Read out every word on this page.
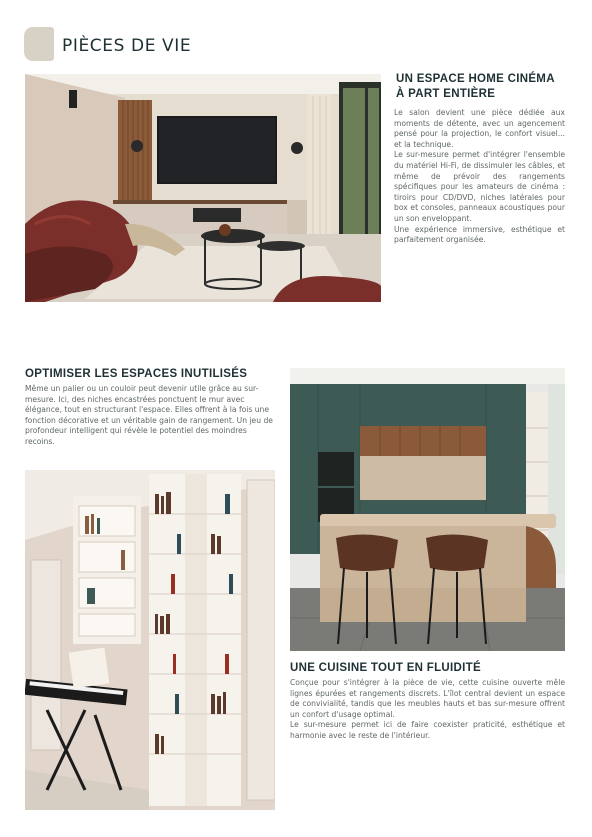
PIÈCES DE VIE
UN ESPACE HOME CINÉMA
À PART ENTIÈRE

Le salon devient une pièce dédiée aux moments de détente, avec un agencement pensé pour la projection, le confort visuel... et la technique.

Le sur-mesure permet d'intégrer l'ensemble du matériel Hi-Fi, de dissimuler les câbles, et même de prévoir des rangements spécifiques pour les amateurs de cinéma : tiroirs pour CD/DVD, niches latérales pour box et consoles, panneaux acoustiques pour un son enveloppant.

Une expérience immersive, esthétique et parfaitement organisée.

OPTIMISER LES ESPACES INUTILISÉS

Même un palier ou un couloir peut devenir utile grâce au sur-mesure. Ici, des niches encastrées ponctuent le mur avec élégance, tout en structurant l'espace. Elles offrent à la fois une fonction décorative et un véritable gain de rangement. Un jeu de profondeur intelligent qui révèle le potentiel des moindres recoins.

UNE CUISINE TOUT EN FLUIDITÉ

Conçue pour s'intégrer à la pièce de vie, cette cuisine ouverte mêle lignes épurées et rangements discrets. L'îlot central devient un espace de convivialité, tandis que les meubles hauts et bas sur-mesure offrent un confort d'usage optimal.

Le sur-mesure permet ici de faire coexister praticité, esthétique et harmonie avec le reste de l'intérieur.
